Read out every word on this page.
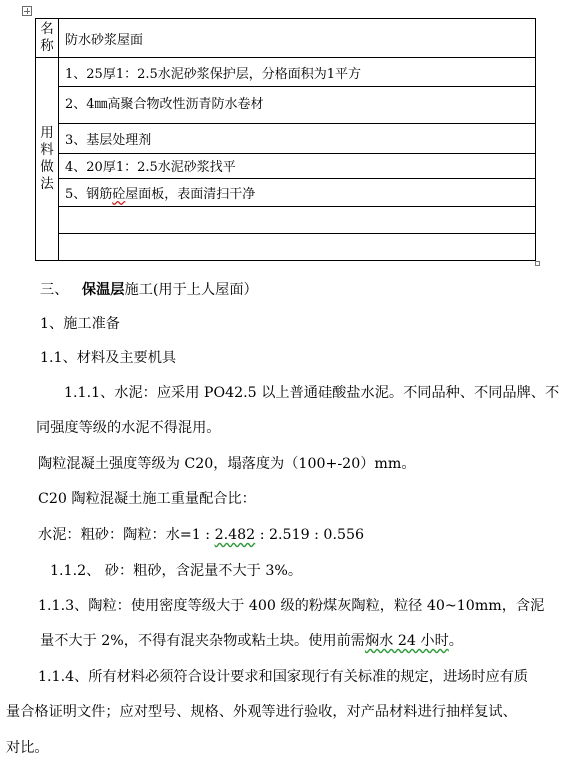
名
称	防水砂浆屋面
用
料
做
法	1、25厚1：2.5水泥砂浆保护层，分格面积为1平方
	2、4㎜高聚合物改性沥青防水卷材
	3、基层处理剂
	4、20厚1：2.5水泥砂浆找平
	5、钢筋砼屋面板，表面清扫干净

三、 保温层施工(用于上人屋面）
1、施工准备
1.1、材料及主要机具
1.1.1、水泥：应采用 PO42.5 以上普通硅酸盐水泥。不同品种、不同品牌、不
同强度等级的水泥不得混用。
陶粒混凝土强度等级为 C20，塌落度为（100+-20）mm。
C20 陶粒混凝土施工重量配合比：
水泥：粗砂：陶粒：水=1 : 2.482 : 2.519 : 0.556
1.1.2、 砂：粗砂，含泥量不大于 3%。
1.1.3、陶粒：使用密度等级大于 400 级的粉煤灰陶粒，粒径 40~10mm，含泥
量不大于 2%，不得有混夹杂物或粘土块。使用前需焖水 24 小时。
1.1.4、所有材料必须符合设计要求和国家现行有关标准的规定，进场时应有质
量合格证明文件；应对型号、规格、外观等进行验收，对产品材料进行抽样复试、
对比。
